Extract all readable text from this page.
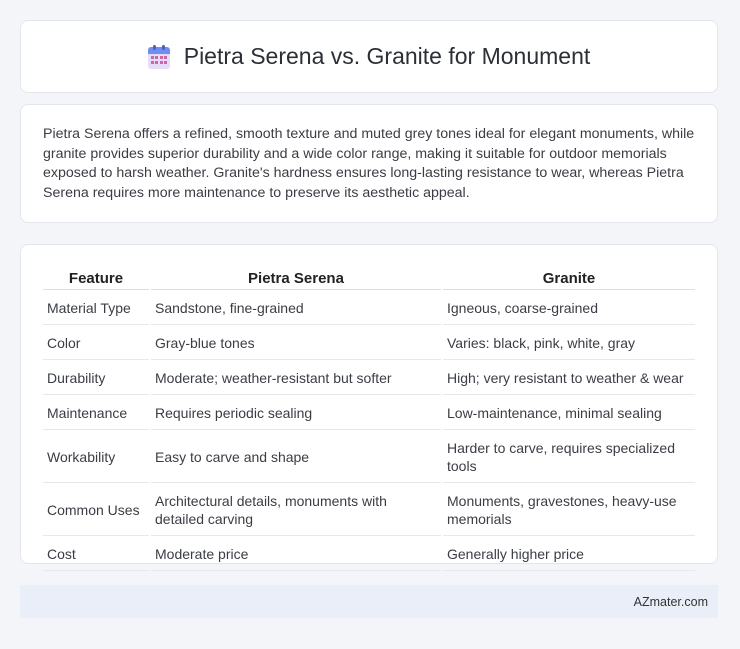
Pietra Serena vs. Granite for Monument

Pietra Serena offers a refined, smooth texture and muted grey tones ideal for elegant monuments, while granite provides superior durability and a wide color range, making it suitable for outdoor memorials exposed to harsh weather. Granite's hardness ensures long-lasting resistance to wear, whereas Pietra Serena requires more maintenance to preserve its aesthetic appeal.

Feature	Pietra Serena	Granite
Material Type	Sandstone, fine-grained	Igneous, coarse-grained
Color	Gray-blue tones	Varies: black, pink, white, gray
Durability	Moderate; weather-resistant but softer	High; very resistant to weather & wear
Maintenance	Requires periodic sealing	Low-maintenance, minimal sealing
Workability	Easy to carve and shape	Harder to carve, requires specialized tools
Common Uses	Architectural details, monuments with detailed carving	Monuments, gravestones, heavy-use memorials
Cost	Moderate price	Generally higher price
AZmater.com
